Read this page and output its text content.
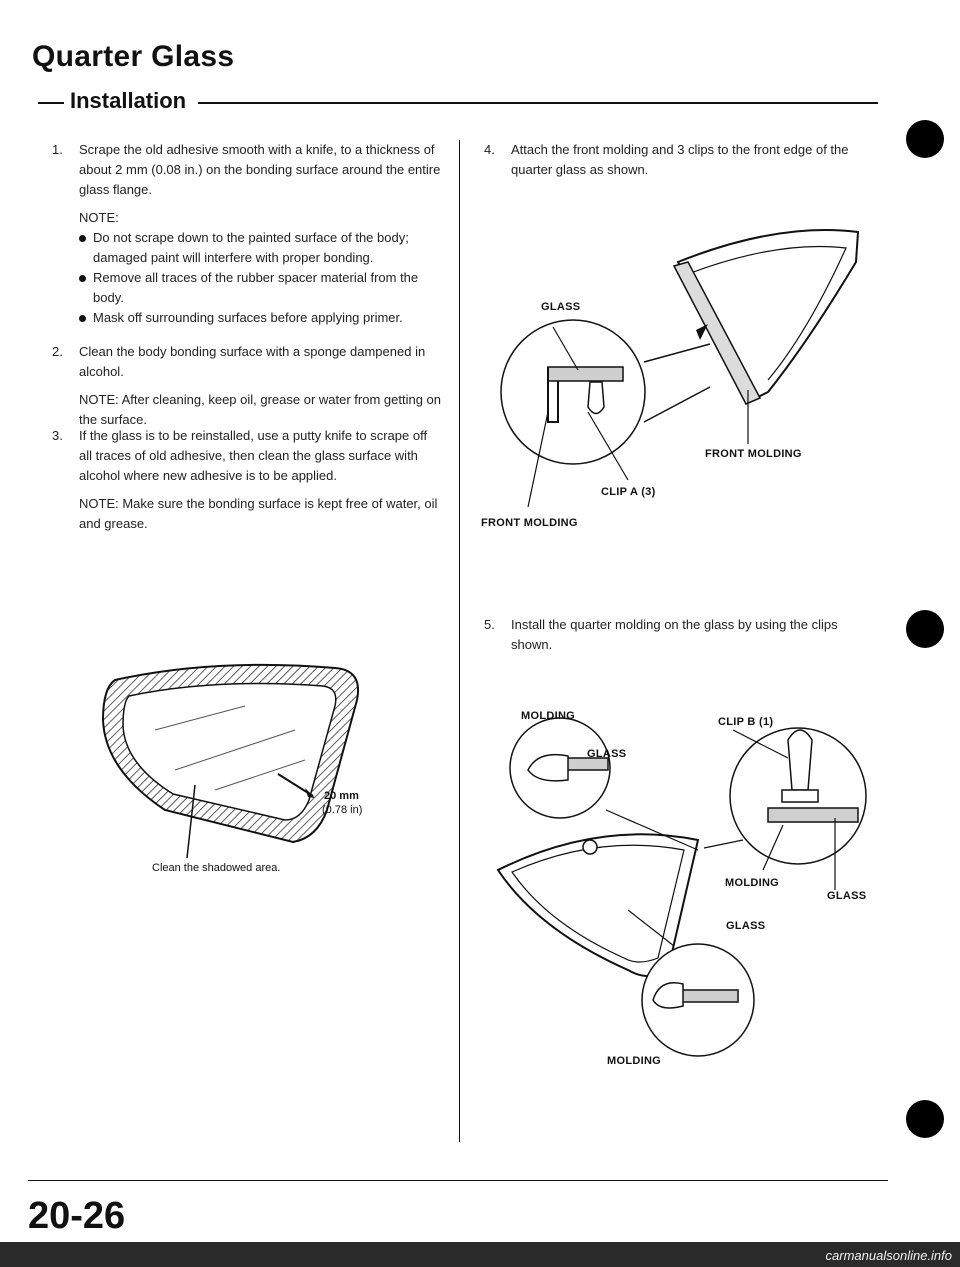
Quarter Glass
Installation
1. Scrape the old adhesive smooth with a knife, to a thickness of about 2 mm (0.08 in.) on the bonding surface around the entire glass flange.
NOTE:
Do not scrape down to the painted surface of the body; damaged paint will interfere with proper bonding.
Remove all traces of the rubber spacer material from the body.
Mask off surrounding surfaces before applying primer.
2. Clean the body bonding surface with a sponge dampened in alcohol.
NOTE: After cleaning, keep oil, grease or water from getting on the surface.
3. If the glass is to be reinstalled, use a putty knife to scrape off all traces of old adhesive, then clean the glass surface with alcohol where new adhesive is to be applied.
NOTE: Make sure the bonding surface is kept free of water, oil and grease.
20 mm
(0.78 in)
Clean the shadowed area.
4. Attach the front molding and 3 clips to the front edge of the quarter glass as shown.
GLASS
FRONT MOLDING
CLIP A (3)
FRONT MOLDING
5. Install the quarter molding on the glass by using the clips shown.
MOLDING
GLASS
CLIP B (1)
MOLDING
GLASS
GLASS
MOLDING
20-26
carmanualsonline.info
